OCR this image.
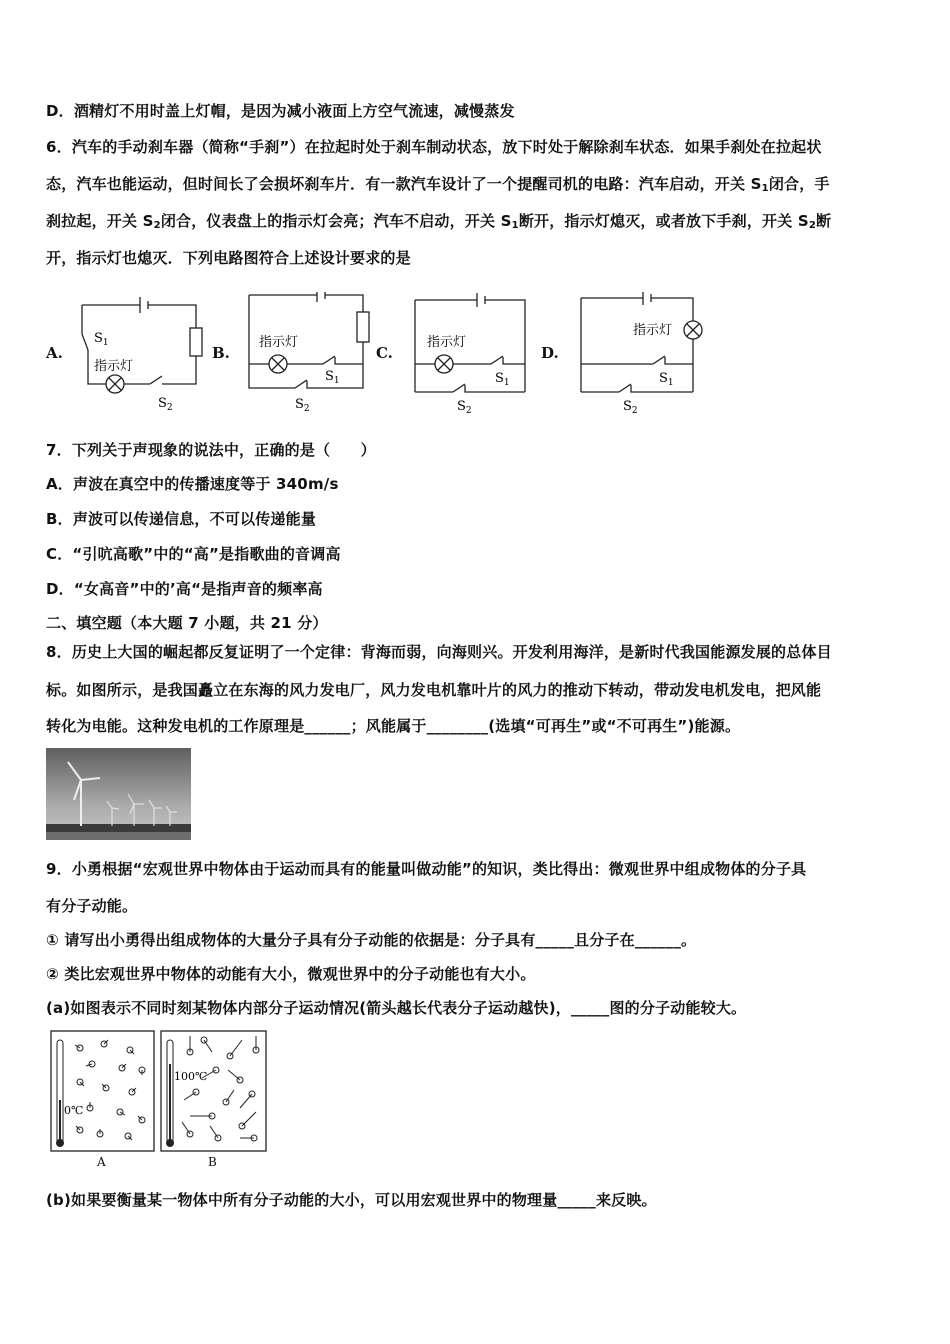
D．酒精灯不用时盖上灯帽，是因为减小液面上方空气流速，减慢蒸发
6．汽车的手动刹车器（简称“手刹”）在拉起时处于刹车制动状态，放下时处于解除刹车状态．如果手刹处在拉起状
态，汽车也能运动，但时间长了会损坏刹车片．有一款汽车设计了一个提醒司机的电路：汽车启动，开关 $S_1$闭合，手
刹拉起，开关 $S_2$闭合，仪表盘上的指示灯会亮；汽车不启动，开关 $S_1$断开，指示灯熄灭，或者放下手刹，开关 $S_2$断
开，指示灯也熄灭．下列电路图符合上述设计要求的是
A.	B.	C.	D.
$S_1$
指示灯
$S_2$
指示灯
$S_1$
$S_2$
指示灯
$S_1$
$S_2$
指示灯
$S_1$
$S_2$
7．下列关于声现象的说法中，正确的是（　　）
A．声波在真空中的传播速度等于 340m/s
B．声波可以传递信息，不可以传递能量
C．“引吭高歌”中的“高”是指歌曲的音调高
D．“女高音”中的’高“是指声音的频率高
二、填空题（本大题 7 小题，共 21 分）
8．历史上大国的崛起都反复证明了一个定律：背海而弱，向海则兴。开发利用海洋，是新时代我国能源发展的总体目
标。如图所示，是我国矗立在东海的风力发电厂，风力发电机靠叶片的风力的推动下转动，带动发电机发电，把风能
转化为电能。这种发电机的工作原理是______；风能属于________(选填“可再生”或“不可再生”)能源。
9．小勇根据“宏观世界中物体由于运动而具有的能量叫做动能”的知识，类比得出：微观世界中组成物体的分子具
有分子动能。
① 请写出小勇得出组成物体的大量分子具有分子动能的依据是：分子具有_____且分子在______。
② 类比宏观世界中物体的动能有大小，微观世界中的分子动能也有大小。
(a)如图表示不同时刻某物体内部分子运动情况(箭头越长代表分子运动越快)，_____图的分子动能较大。
0℃
A
100℃
B
(b)如果要衡量某一物体中所有分子动能的大小，可以用宏观世界中的物理量_____来反映。
